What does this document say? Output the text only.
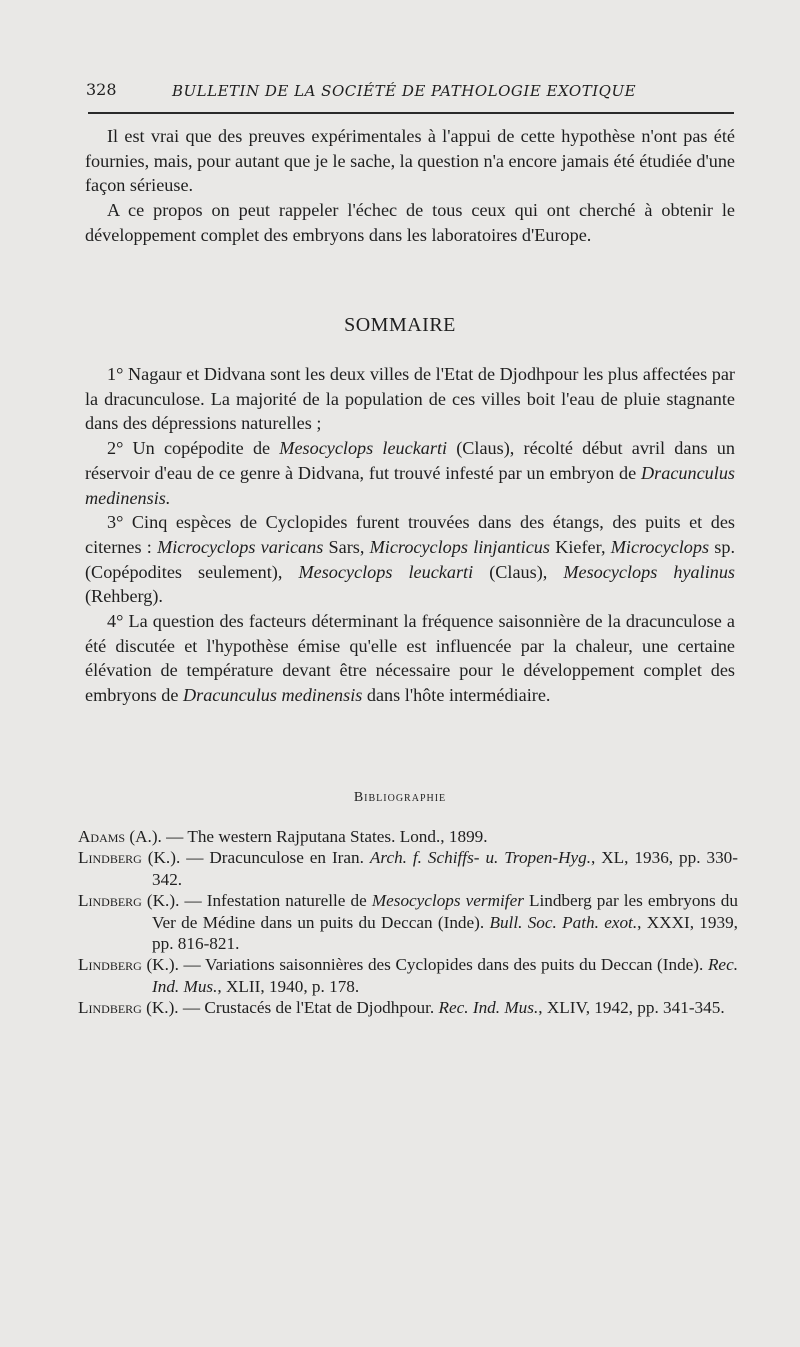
328	BULLETIN DE LA SOCIÉTÉ DE PATHOLOGIE EXOTIQUE

Il est vrai que des preuves expérimentales à l'appui de cette hypothèse n'ont pas été fournies, mais, pour autant que je le sache, la question n'a encore jamais été étudiée d'une façon sérieuse.

A ce propos on peut rappeler l'échec de tous ceux qui ont cherché à obtenir le développement complet des embryons dans les laboratoires d'Europe.

SOMMAIRE

1° Nagaur et Didvana sont les deux villes de l'Etat de Djodhpour les plus affectées par la dracunculose. La majorité de la population de ces villes boit l'eau de pluie stagnante dans des dépressions naturelles ;

2° Un copépodite de Mesocyclops leuckarti (Claus), récolté début avril dans un réservoir d'eau de ce genre à Didvana, fut trouvé infesté par un embryon de Dracunculus medinensis.

3° Cinq espèces de Cyclopides furent trouvées dans des étangs, des puits et des citernes : Microcyclops varicans Sars, Microcyclops linjanticus Kiefer, Microcyclops sp. (Copépodites seulement), Mesocyclops leuckarti (Claus), Mesocyclops hyalinus (Rehberg).

4° La question des facteurs déterminant la fréquence saisonnière de la dracunculose a été discutée et l'hypothèse émise qu'elle est influencée par la chaleur, une certaine élévation de température devant être nécessaire pour le développement complet des embryons de Dracunculus medinensis dans l'hôte intermédiaire.

Bibliographie

Adams (A.). — The western Rajputana States. Lond., 1899.

Lindberg (K.). — Dracunculose en Iran. Arch. f. Schiffs- u. Tropen-Hyg., XL, 1936, pp. 330-342.

Lindberg (K.). — Infestation naturelle de Mesocyclops vermifer Lindberg par les embryons du Ver de Médine dans un puits du Deccan (Inde). Bull. Soc. Path. exot., XXXI, 1939, pp. 816-821.

Lindberg (K.). — Variations saisonnières des Cyclopides dans des puits du Deccan (Inde). Rec. Ind. Mus., XLII, 1940, p. 178.

Lindberg (K.). — Crustacés de l'Etat de Djodhpour. Rec. Ind. Mus., XLIV, 1942, pp. 341-345.
